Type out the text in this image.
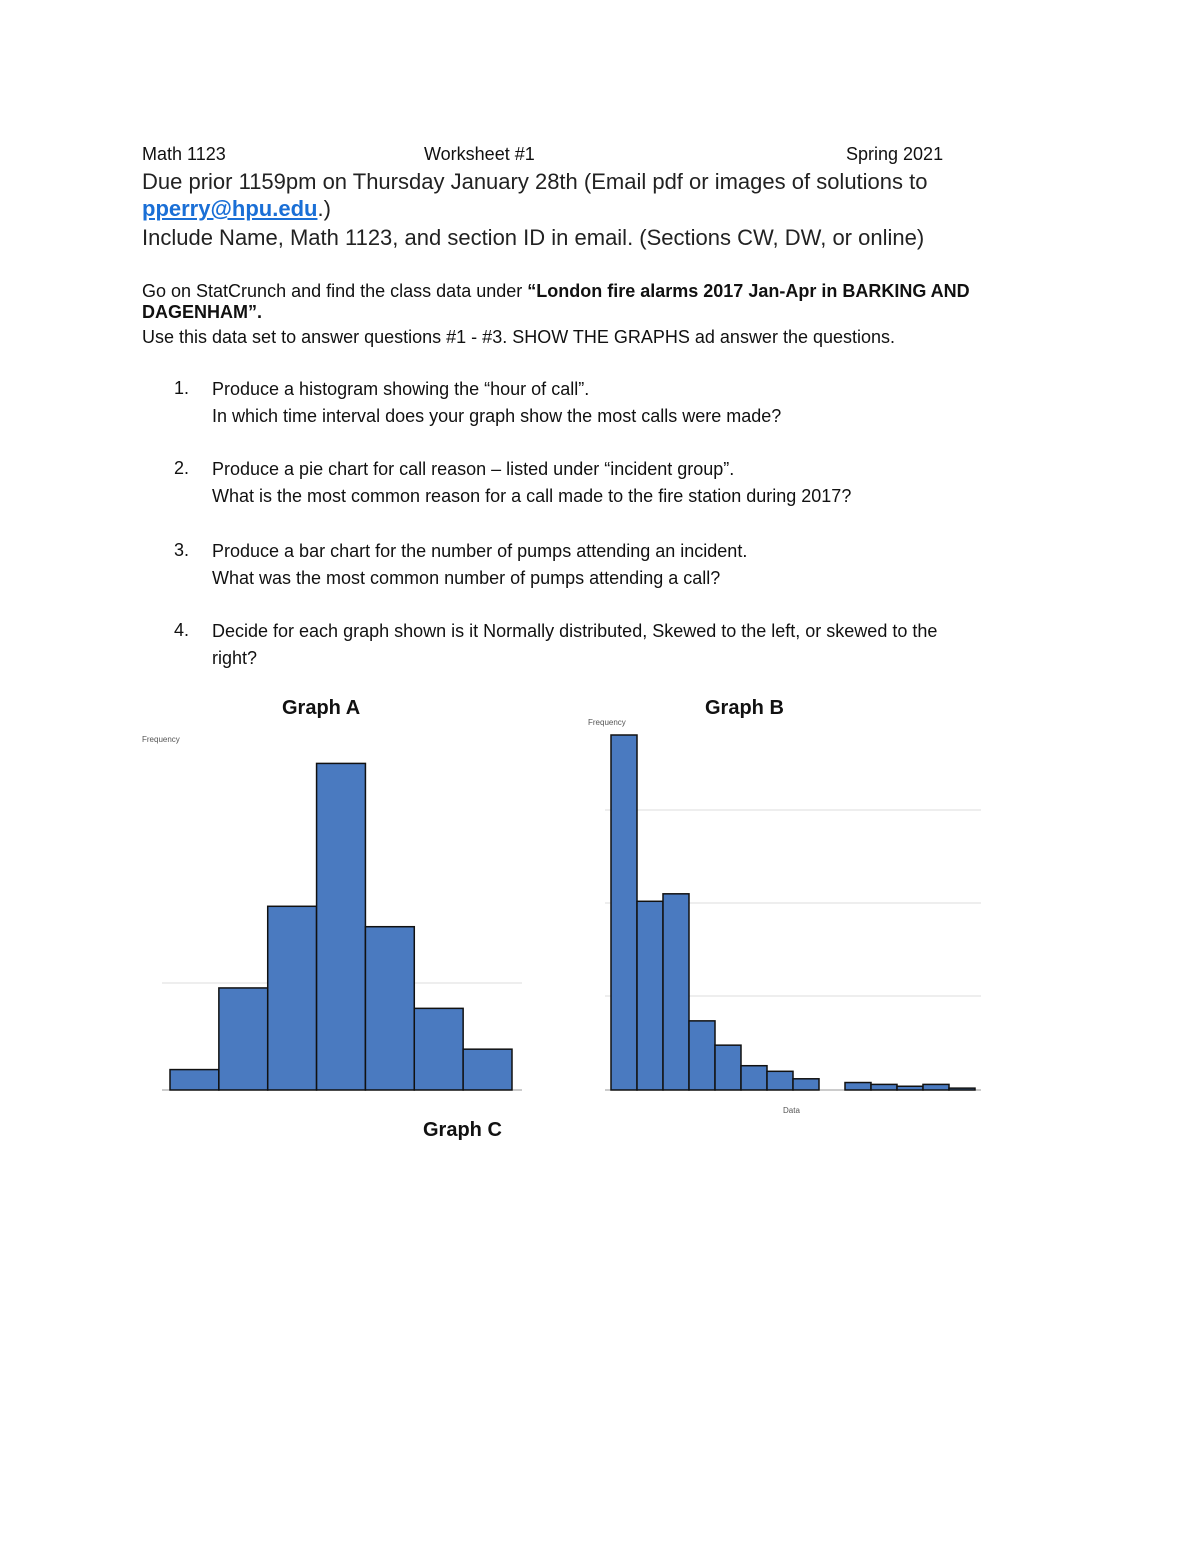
Math 1123	Worksheet #1	Spring 2021
Due prior 1159pm on Thursday January 28th (Email pdf or images of solutions to
pperry@hpu.edu.)
Include Name, Math 1123, and section ID in email. (Sections CW, DW, or online)
Go on StatCrunch and find the class data under “London fire alarms 2017 Jan-Apr in BARKING AND DAGENHAM”.
Use this data set to answer questions #1 - #3. SHOW THE GRAPHS ad answer the questions.
1. Produce a histogram showing the “hour of call”.
In which time interval does your graph show the most calls were made?
2. Produce a pie chart for call reason – listed under “incident group”.
What is the most common reason for a call made to the fire station during 2017?
3. Produce a bar chart for the number of pumps attending an incident.
What was the most common number of pumps attending a call?
4. Decide for each graph shown is it Normally distributed, Skewed to the left, or skewed to the
right?
Graph A	Graph B
Graph C
Frequency
Frequency
Data
